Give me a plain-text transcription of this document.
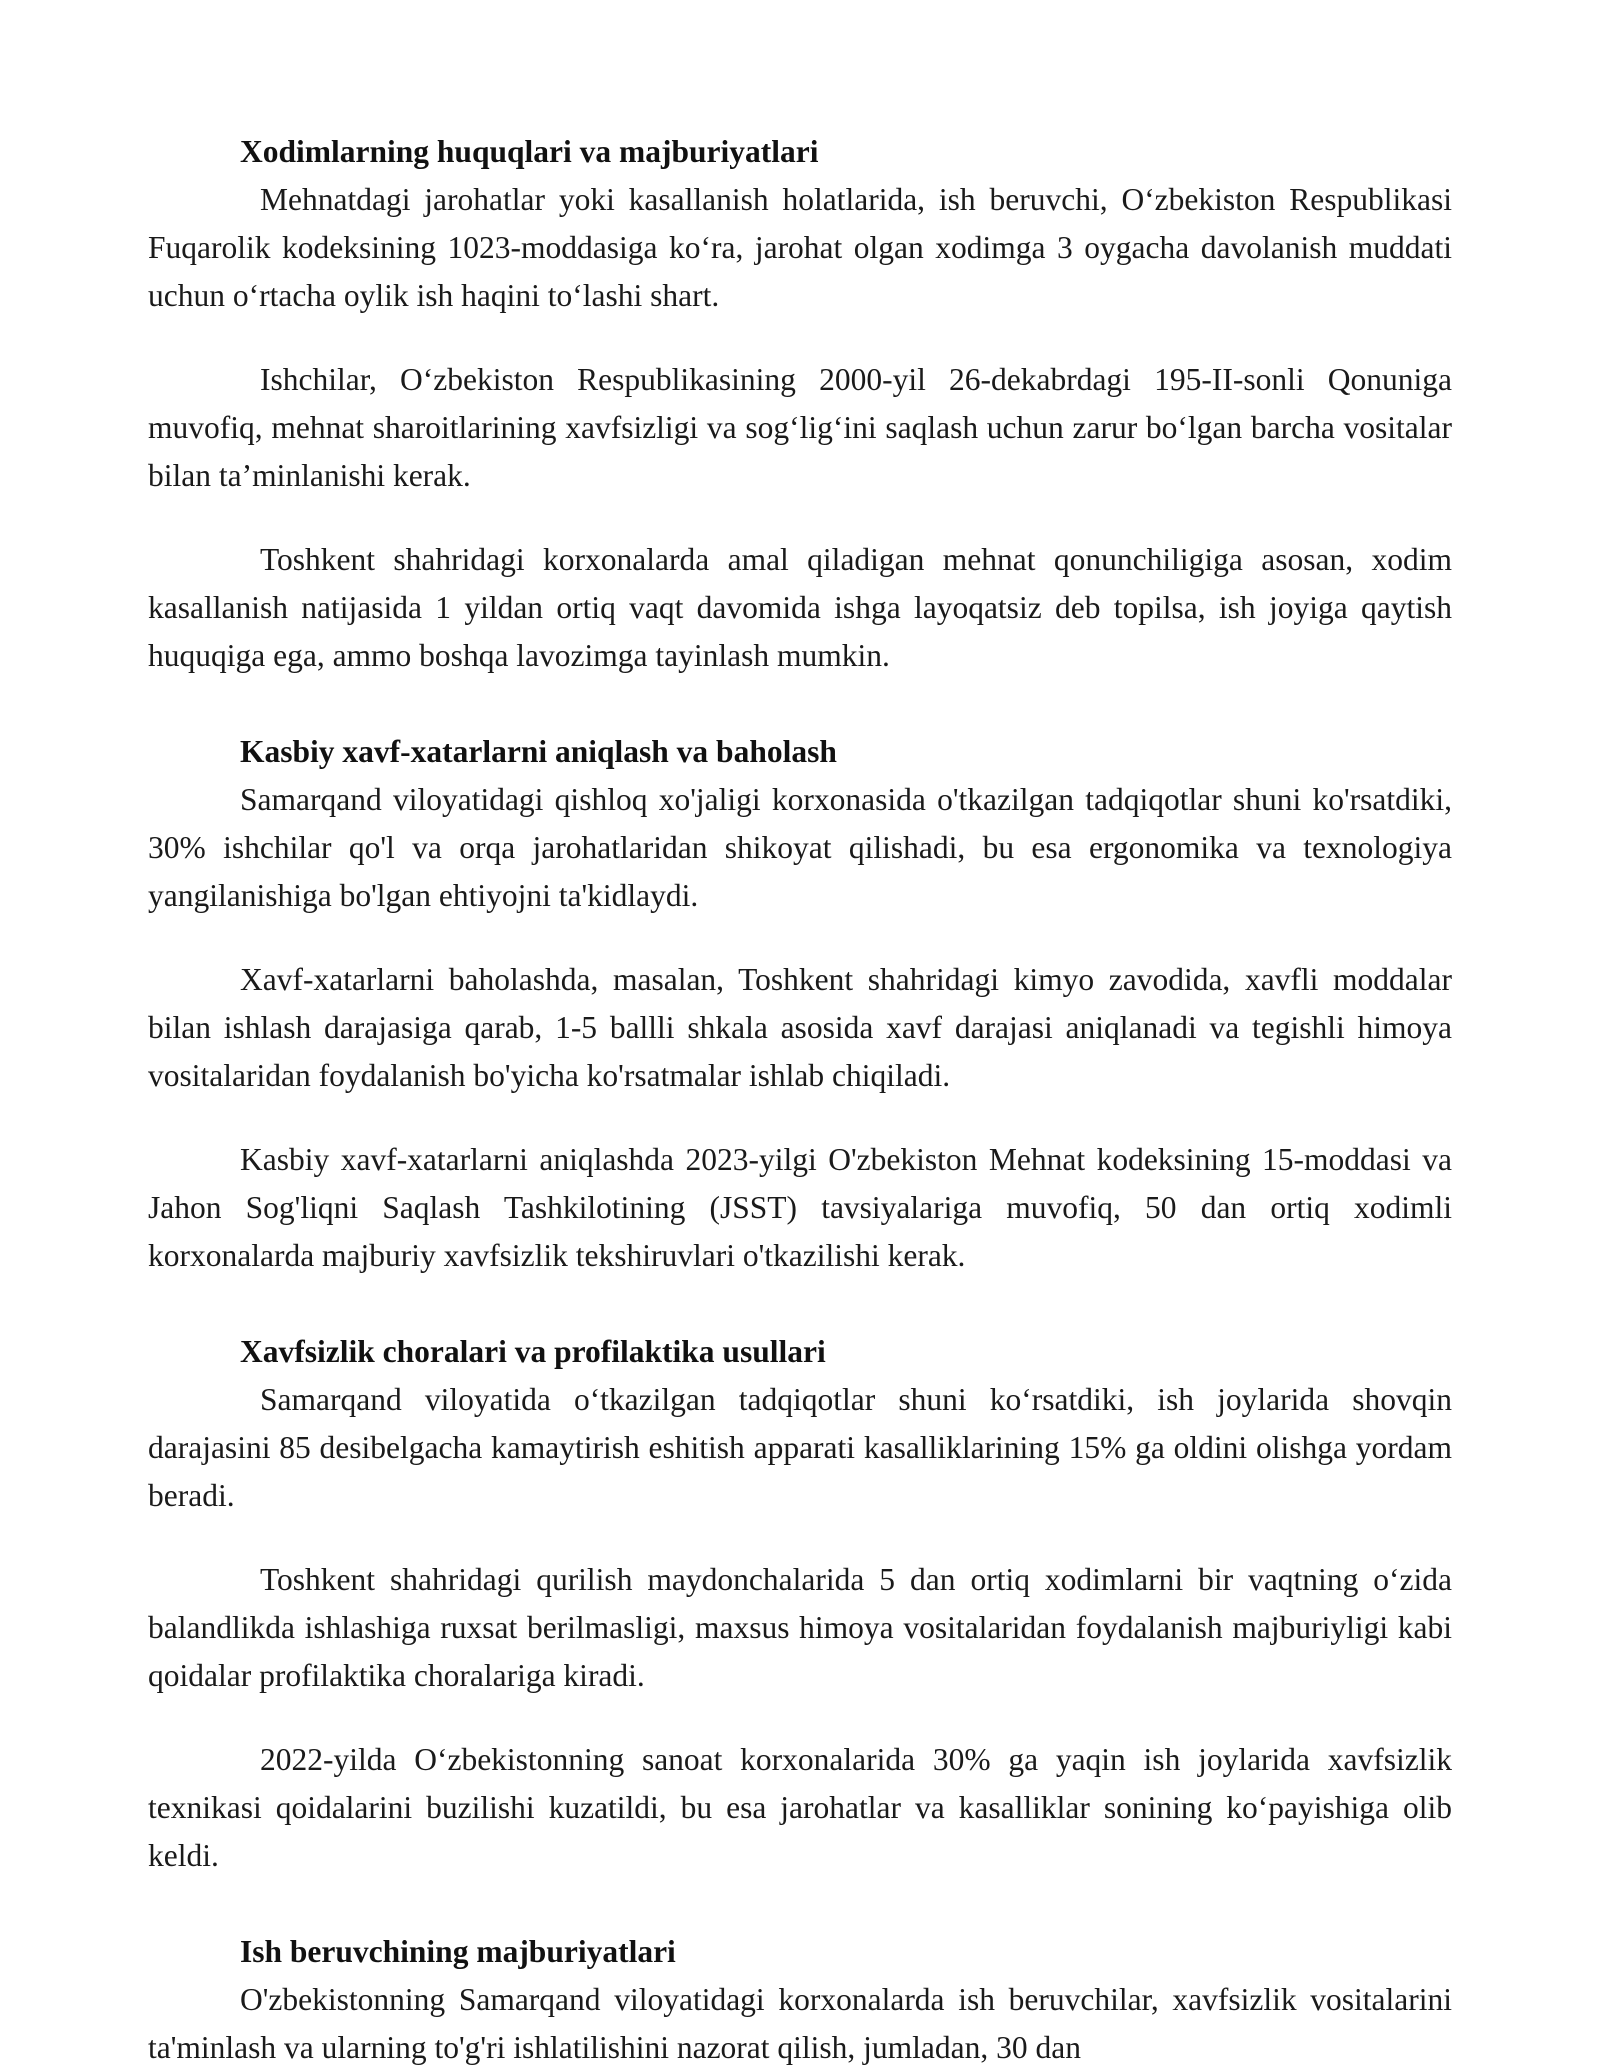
Xodimlarning huquqlari va majburiyatlari

Mehnatdagi jarohatlar yoki kasallanish holatlarida, ish beruvchi, O‘zbekiston Respublikasi Fuqarolik kodeksining 1023-moddasiga ko‘ra, jarohat olgan xodimga 3 oygacha davolanish muddati uchun o‘rtacha oylik ish haqini to‘lashi shart.

Ishchilar, O‘zbekiston Respublikasining 2000-yil 26-dekabrdagi 195-II-sonli Qonuniga muvofiq, mehnat sharoitlarining xavfsizligi va sog‘lig‘ini saqlash uchun zarur bo‘lgan barcha vositalar bilan ta’minlanishi kerak.

Toshkent shahridagi korxonalarda amal qiladigan mehnat qonunchiligiga asosan, xodim kasallanish natijasida 1 yildan ortiq vaqt davomida ishga layoqatsiz deb topilsa, ish joyiga qaytish huquqiga ega, ammo boshqa lavozimga tayinlash mumkin.

Kasbiy xavf-xatarlarni aniqlash va baholash

Samarqand viloyatidagi qishloq xo'jaligi korxonasida o'tkazilgan tadqiqotlar shuni ko'rsatdiki, 30% ishchilar qo'l va orqa jarohatlaridan shikoyat qilishadi, bu esa ergonomika va texnologiya yangilanishiga bo'lgan ehtiyojni ta'kidlaydi.

Xavf-xatarlarni baholashda, masalan, Toshkent shahridagi kimyo zavodida, xavfli moddalar bilan ishlash darajasiga qarab, 1-5 ballli shkala asosida xavf darajasi aniqlanadi va tegishli himoya vositalaridan foydalanish bo'yicha ko'rsatmalar ishlab chiqiladi.

Kasbiy xavf-xatarlarni aniqlashda 2023-yilgi O'zbekiston Mehnat kodeksining 15-moddasi va Jahon Sog'liqni Saqlash Tashkilotining (JSST) tavsiyalariga muvofiq, 50 dan ortiq xodimli korxonalarda majburiy xavfsizlik tekshiruvlari o'tkazilishi kerak.

Xavfsizlik choralari va profilaktika usullari

Samarqand viloyatida o‘tkazilgan tadqiqotlar shuni ko‘rsatdiki, ish joylarida shovqin darajasini 85 desibelgacha kamaytirish eshitish apparati kasalliklarining 15% ga oldini olishga yordam beradi.

Toshkent shahridagi qurilish maydonchalarida 5 dan ortiq xodimlarni bir vaqtning o‘zida balandlikda ishlashiga ruxsat berilmasligi, maxsus himoya vositalaridan foydalanish majburiyligi kabi qoidalar profilaktika choralariga kiradi.

2022-yilda O‘zbekistonning sanoat korxonalarida 30% ga yaqin ish joylarida xavfsizlik texnikasi qoidalarini buzilishi kuzatildi, bu esa jarohatlar va kasalliklar sonining ko‘payishiga olib keldi.

Ish beruvchining majburiyatlari

O'zbekistonning Samarqand viloyatidagi korxonalarda ish beruvchilar, xavfsizlik vositalarini ta'minlash va ularning to'g'ri ishlatilishini nazorat qilish, jumladan, 30 dan
